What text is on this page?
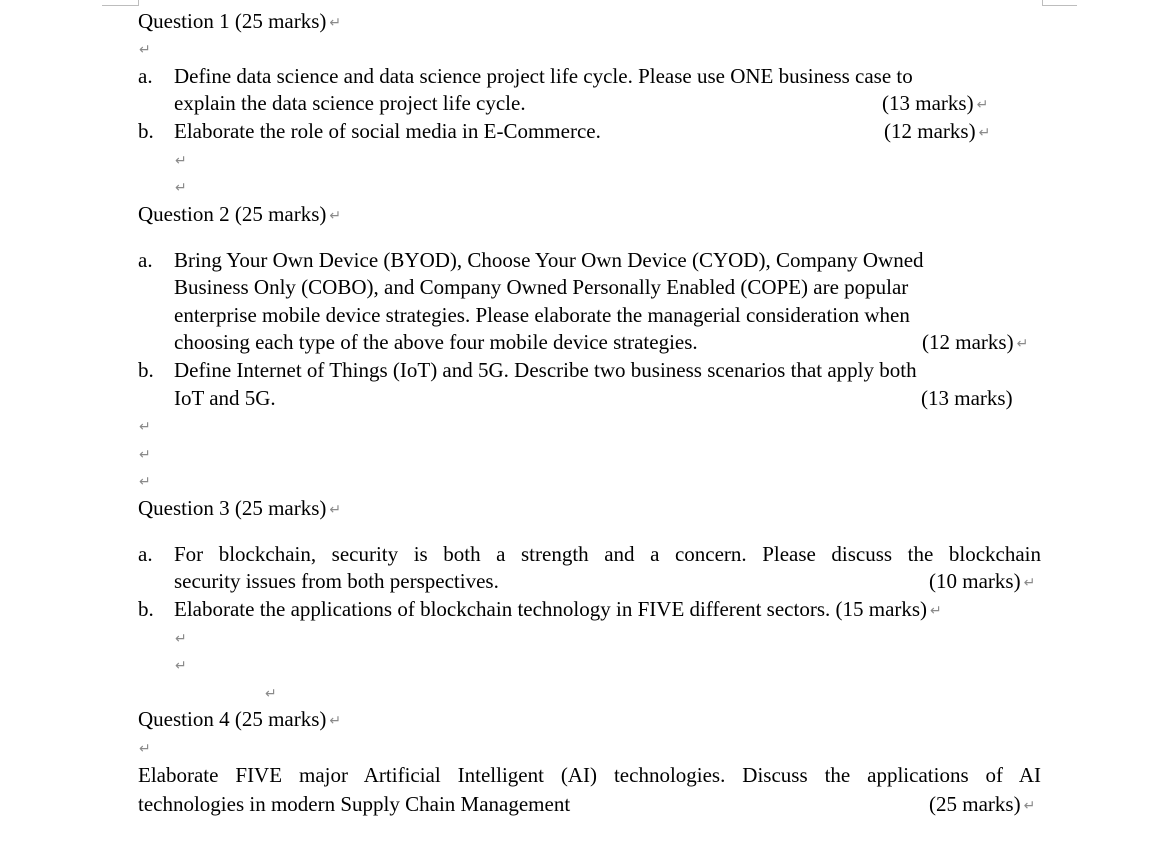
Question 1 (25 marks) ↵
↵
a. Define data science and data science project life cycle. Please use ONE business case to
explain the data science project life cycle.	(13 marks) ↵
b. Elaborate the role of social media in E-Commerce.	(12 marks) ↵
↵
↵
Question 2 (25 marks) ↵
a. Bring Your Own Device (BYOD), Choose Your Own Device (CYOD), Company Owned
Business Only (COBO), and Company Owned Personally Enabled (COPE) are popular
enterprise mobile device strategies. Please elaborate the managerial consideration when
choosing each type of the above four mobile device strategies.	(12 marks) ↵
b. Define Internet of Things (IoT) and 5G. Describe two business scenarios that apply both
IoT and 5G.	(13 marks)
↵
↵
↵
Question 3 (25 marks) ↵
a. For blockchain, security is both a strength and a concern. Please discuss the blockchain
security issues from both perspectives.	(10 marks) ↵
b. Elaborate the applications of blockchain technology in FIVE different sectors. (15 marks) ↵
↵
↵
↵
Question 4 (25 marks) ↵
↵
Elaborate FIVE major Artificial Intelligent (AI) technologies. Discuss the applications of AI
technologies in modern Supply Chain Management	(25 marks) ↵
